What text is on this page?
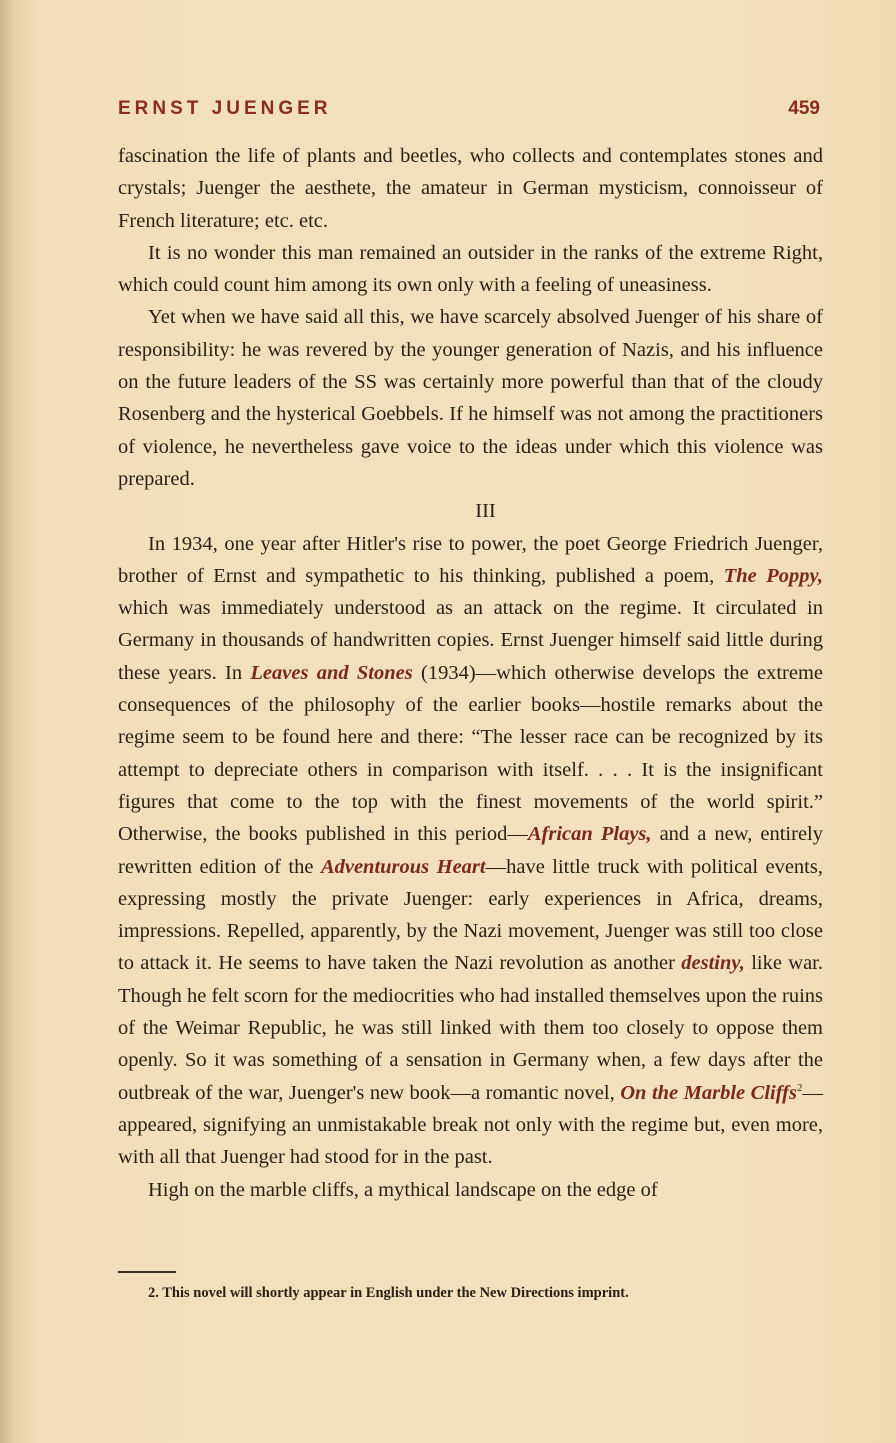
ERNST JUENGER	459

fascination the life of plants and beetles, who collects and contemplates stones and crystals; Juenger the aesthete, the amateur in German mysticism, connoisseur of French literature; etc. etc.

It is no wonder this man remained an outsider in the ranks of the extreme Right, which could count him among its own only with a feeling of uneasiness.

Yet when we have said all this, we have scarcely absolved Juenger of his share of responsibility: he was revered by the younger generation of Nazis, and his influence on the future leaders of the SS was certainly more powerful than that of the cloudy Rosenberg and the hysterical Goebbels. If he himself was not among the practitioners of violence, he nevertheless gave voice to the ideas under which this violence was prepared.

III

In 1934, one year after Hitler's rise to power, the poet George Friedrich Juenger, brother of Ernst and sympathetic to his thinking, published a poem, The Poppy, which was immediately understood as an attack on the regime. It circulated in Germany in thousands of handwritten copies. Ernst Juenger himself said little during these years. In Leaves and Stones (1934)—which otherwise develops the extreme consequences of the philosophy of the earlier books—hostile remarks about the regime seem to be found here and there: “The lesser race can be recognized by its attempt to depreciate others in comparison with itself. . . . It is the insignificant figures that come to the top with the finest movements of the world spirit.” Otherwise, the books published in this period—African Plays, and a new, entirely rewritten edition of the Adventurous Heart—have little truck with political events, expressing mostly the private Juenger: early experiences in Africa, dreams, impressions. Repelled, apparently, by the Nazi movement, Juenger was still too close to attack it. He seems to have taken the Nazi revolution as another destiny, like war. Though he felt scorn for the mediocrities who had installed themselves upon the ruins of the Weimar Republic, he was still linked with them too closely to oppose them openly. So it was something of a sensation in Germany when, a few days after the outbreak of the war, Juenger's new book—a romantic novel, On the Marble Cliffs$^2$—appeared, signifying an unmistakable break not only with the regime but, even more, with all that Juenger had stood for in the past.

High on the marble cliffs, a mythical landscape on the edge of

2. This novel will shortly appear in English under the New Directions imprint.
